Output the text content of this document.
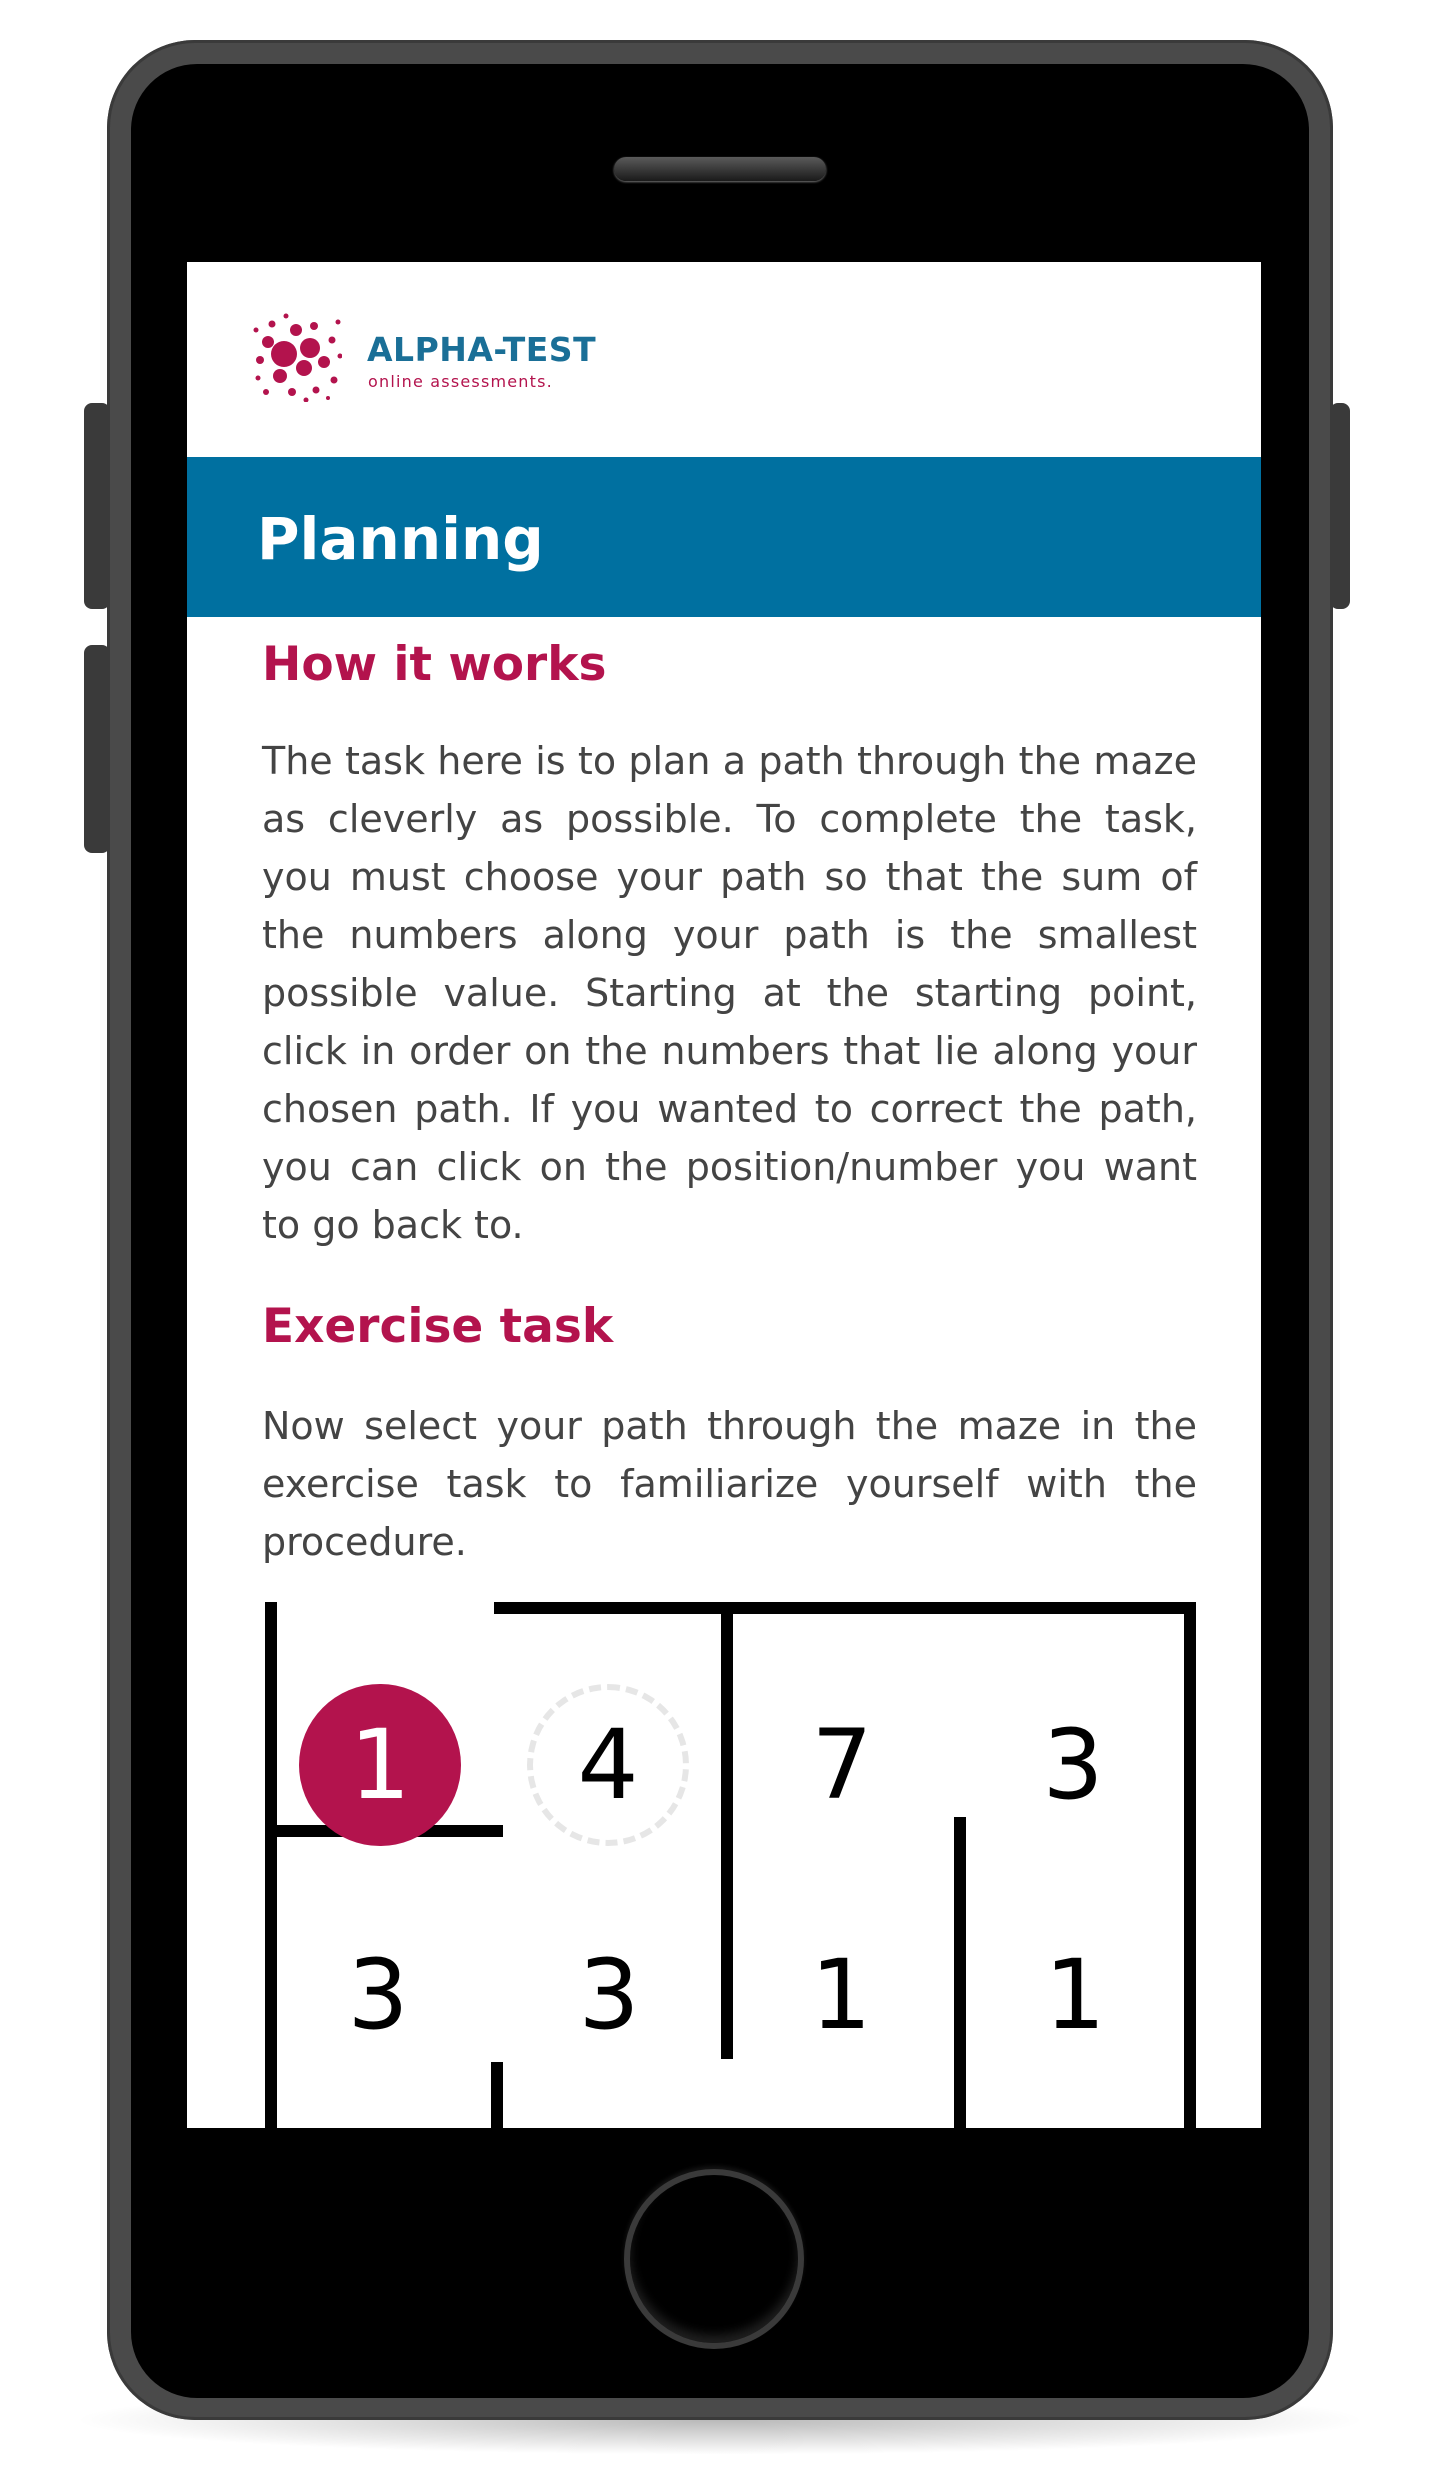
ALPHA-TEST
online assessments.
Planning
How it works

The task here is to plan a path through the maze as cleverly as possible. To complete the task, you must choose your path so that the sum of the numbers along your path is the smallest possible value. Starting at the starting point, click in order on the numbers that lie along your chosen path. If you wanted to correct the path, you can click on the position/number you want to go back to.

Exercise task

Now select your path through the maze in the exercise task to familiarize yourself with the procedure.

1	4	7	3
3	3	1	1
